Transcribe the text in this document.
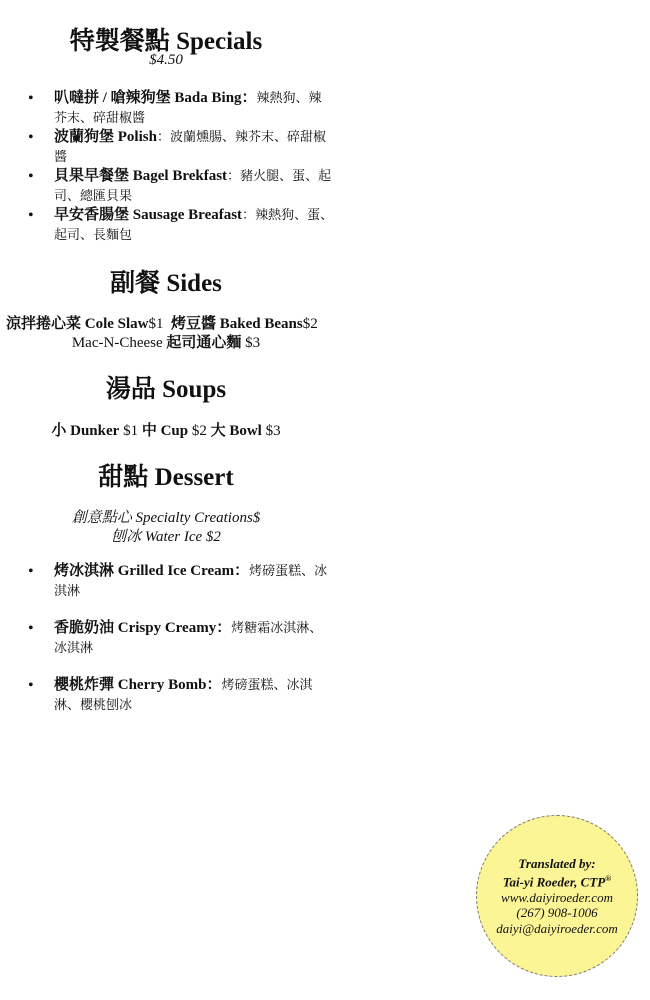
特製餐點 Specials
$4.50
• 叭噠拼 / 嗆辣狗堡 Bada Bing：辣熱狗、辣芥末、碎甜椒醬
• 波蘭狗堡 Polish：波蘭燻腸、辣芥末、碎甜椒醬
• 貝果早餐堡 Bagel Brekfast：豬火腿、蛋、起司、總匯貝果
• 早安香腸堡 Sausage Breafast：辣熱狗、蛋、起司、長麵包
副餐 Sides
涼拌捲心菜 Cole Slaw$1 烤豆醬 Baked Beans$2
Mac-N-Cheese 起司通心麵 $3
湯品 Soups
小 Dunker $1 中 Cup $2 大 Bowl $3
甜點 Dessert
創意點心 Specialty Creations$
刨冰 Water Ice $2
• 烤冰淇淋 Grilled Ice Cream：烤磅蛋糕、冰淇淋
• 香脆奶油 Crispy Creamy：烤糖霜冰淇淋、冰淇淋
• 櫻桃炸彈 Cherry Bomb：烤磅蛋糕、冰淇淋、櫻桃刨冰
Translated by:
Tai-yi Roeder, CTP®
www.daiyiroeder.com
(267) 908-1006
daiyi@daiyiroeder.com
